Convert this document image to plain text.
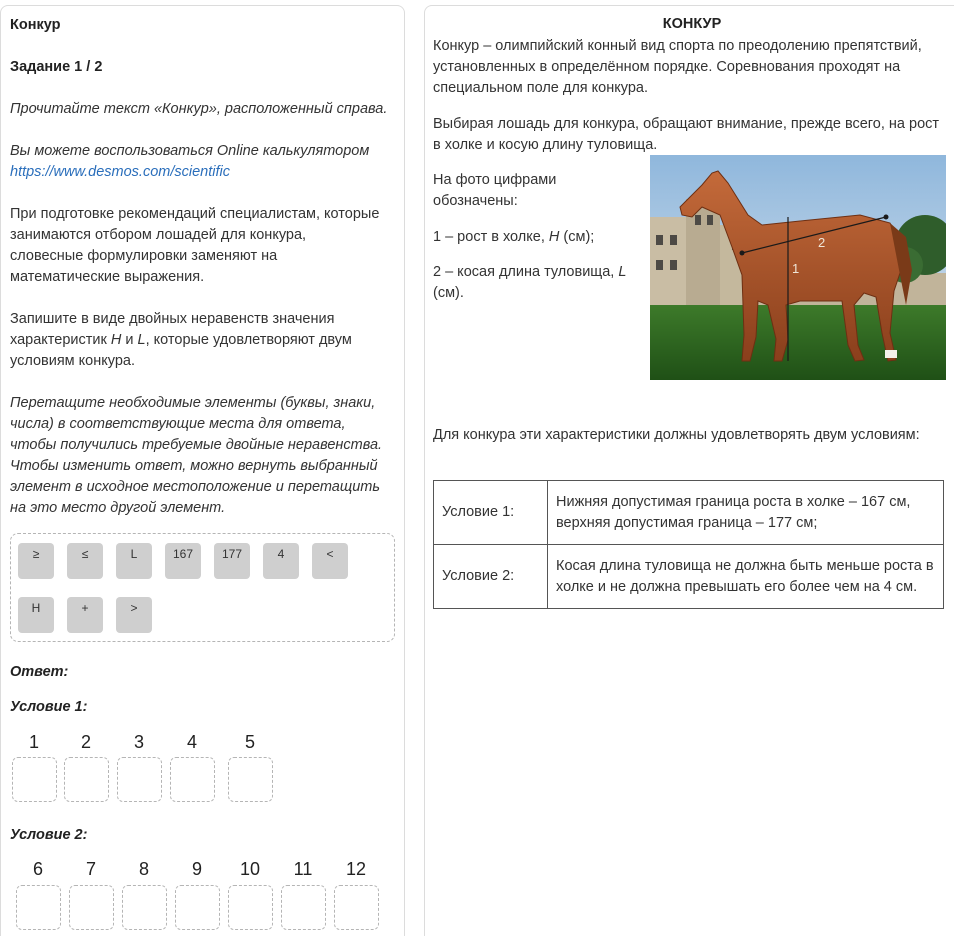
Конкур
Задание 1 / 2
Прочитайте текст «Конкур», расположенный справа.
Вы можете воспользоваться Online калькулятором https://www.desmos.com/scientific
При подготовке рекомендаций специалистам, которые занимаются отбором лошадей для конкура, словесные формулировки заменяют на математические выражения.
Запишите в виде двойных неравенств значения характеристик H и L, которые удовлетворяют двум условиям конкура.
Перетащите необходимые элементы (буквы, знаки, числа) в соответствующие места для ответа, чтобы получились требуемые двойные неравенства. Чтобы изменить ответ, можно вернуть выбранный элемент в исходное местоположение и перетащить на это место другой элемент.
≥	≤	L	167	177	4	<
H	+	>
Ответ:
Условие 1:
1	2	3	4	5
Условие 2:
6	7	8	9	10	11	12
КОНКУР
Конкур – олимпийский конный вид спорта по преодолению препятствий, установленных в определённом порядке. Соревнования проходят на специальном поле для конкура.
Выбирая лошадь для конкура, обращают внимание, прежде всего, на рост в холке и косую длину туловища.
На фото цифрами обозначены:
1 – рост в холке, H (см);
2 – косая длина туловища, L (см).
1
2
Для конкура эти характеристики должны удовлетворять двум условиям:
Условие 1:	Нижняя допустимая граница роста в холке – 167 см, верхняя допустимая граница – 177 см;
Условие 2:	Косая длина туловища не должна быть меньше роста в холке и не должна превышать его более чем на 4 см.
